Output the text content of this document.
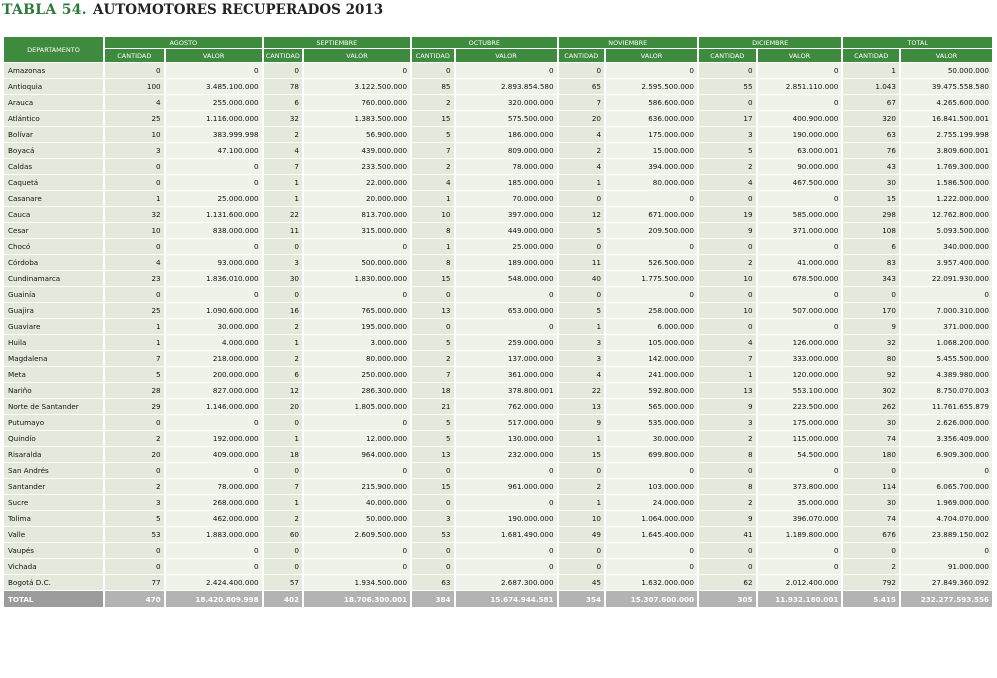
TABLA 54. AUTOMOTORES RECUPERADOS 2013
DEPARTAMENTO	AGOSTO		SEPTIEMBRE		OCTUBRE		NOVIEMBRE		DICIEMBRE		TOTAL	
	CANTIDAD	VALOR	CANTIDAD	VALOR	CANTIDAD	VALOR	CANTIDAD	VALOR	CANTIDAD	VALOR	CANTIDAD	VALOR
Amazonas	0	0	0	0	0	0	0	0	0	0	1	50.000.000
Antioquia	100	3.485.100.000	78	3.122.500.000	85	2.893.854.580	65	2.595.500.000	55	2.851.110.000	1.043	39.475.558.580
Arauca	4	255.000.000	6	760.000.000	2	320.000.000	7	586.600.000	0	0	67	4.265.600.000
Atlántico	25	1.116.000.000	32	1.383.500.000	15	575.500.000	20	636.000.000	17	400.900.000	320	16.841.500.001
Bolívar	10	383.999.998	2	56.900.000	5	186.000.000	4	175.000.000	3	190.000.000	63	2.755.199.998
Boyacá	3	47.100.000	4	439.000.000	7	809.000.000	2	15.000.000	5	63.000.001	76	3.809.600.001
Caldas	0	0	7	233.500.000	2	78.000.000	4	394.000.000	2	90.000.000	43	1.769.300.000
Caquetá	0	0	1	22.000.000	4	185.000.000	1	80.000.000	4	467.500.000	30	1.586.500.000
Casanare	1	25.000.000	1	20.000.000	1	70.000.000	0	0	0	0	15	1.222.000.000
Cauca	32	1.131.600.000	22	813.700.000	10	397.000.000	12	671.000.000	19	585.000.000	298	12.762.800.000
Cesar	10	838.000.000	11	315.000.000	8	449.000.000	5	209.500.000	9	371.000.000	108	5.093.500.000
Chocó	0	0	0	0	1	25.000.000	0	0	0	0	6	340.000.000
Córdoba	4	93.000.000	3	500.000.000	8	189.000.000	11	526.500.000	2	41.000.000	83	3.957.400.000
Cundinamarca	23	1.836.010.000	30	1.830.000.000	15	548.000.000	40	1.775.500.000	10	678.500.000	343	22.091.930.000
Guainía	0	0	0	0	0	0	0	0	0	0	0	0
Guajira	25	1.090.600.000	16	765.000.000	13	653.000.000	5	258.000.000	10	507.000.000	170	7.000.310.000
Guaviare	1	30.000.000	2	195.000.000	0	0	1	6.000.000	0	0	9	371.000.000
Huila	1	4.000.000	1	3.000.000	5	259.000.000	3	105.000.000	4	126.000.000	32	1.068.200.000
Magdalena	7	218.000.000	2	80.000.000	2	137.000.000	3	142.000.000	7	333.000.000	80	5.455.500.000
Meta	5	200.000.000	6	250.000.000	7	361.000.000	4	241.000.000	1	120.000.000	92	4.389.980.000
Nariño	28	827.000.000	12	286.300.000	18	378.800.001	22	592.800.000	13	553.100.000	302	8.750.070.003
Norte de Santander	29	1.146.000.000	20	1.805.000.000	21	762.000.000	13	565.000.000	9	223.500.000	262	11.761.655.879
Putumayo	0	0	0	0	5	517.000.000	9	535.000.000	3	175.000.000	30	2.626.000.000
Quindío	2	192.000.000	1	12.000.000	5	130.000.000	1	30.000.000	2	115.000.000	74	3.356.409.000
Risaralda	20	409.000.000	18	964.000.000	13	232.000.000	15	699.800.000	8	54.500.000	180	6.909.300.000
San Andrés	0	0	0	0	0	0	0	0	0	0	0	0
Santander	2	78.000.000	7	215.900.000	15	961.000.000	2	103.000.000	8	373.800.000	114	6.065.700.000
Sucre	3	268.000.000	1	40.000.000	0	0	1	24.000.000	2	35.000.000	30	1.969.000.000
Tolima	5	462.000.000	2	50.000.000	3	190.000.000	10	1.064.000.000	9	396.070.000	74	4.704.070.000
Valle	53	1.883.000.000	60	2.609.500.000	53	1.681.490.000	49	1.645.400.000	41	1.189.800.000	676	23.889.150.002
Vaupés	0	0	0	0	0	0	0	0	0	0	0	0
Vichada	0	0	0	0	0	0	0	0	0	0	2	91.000.000
Bogotá D.C.	77	2.424.400.000	57	1.934.500.000	63	2.687.300.000	45	1.632.000.000	62	2.012.400.000	792	27.849.360.092
TOTAL	470	18.420.809.998	402	18.706.300.001	384	15.674.944.581	354	15.307.600.000	305	11.932.180.001	5.415	232.277.593.556
